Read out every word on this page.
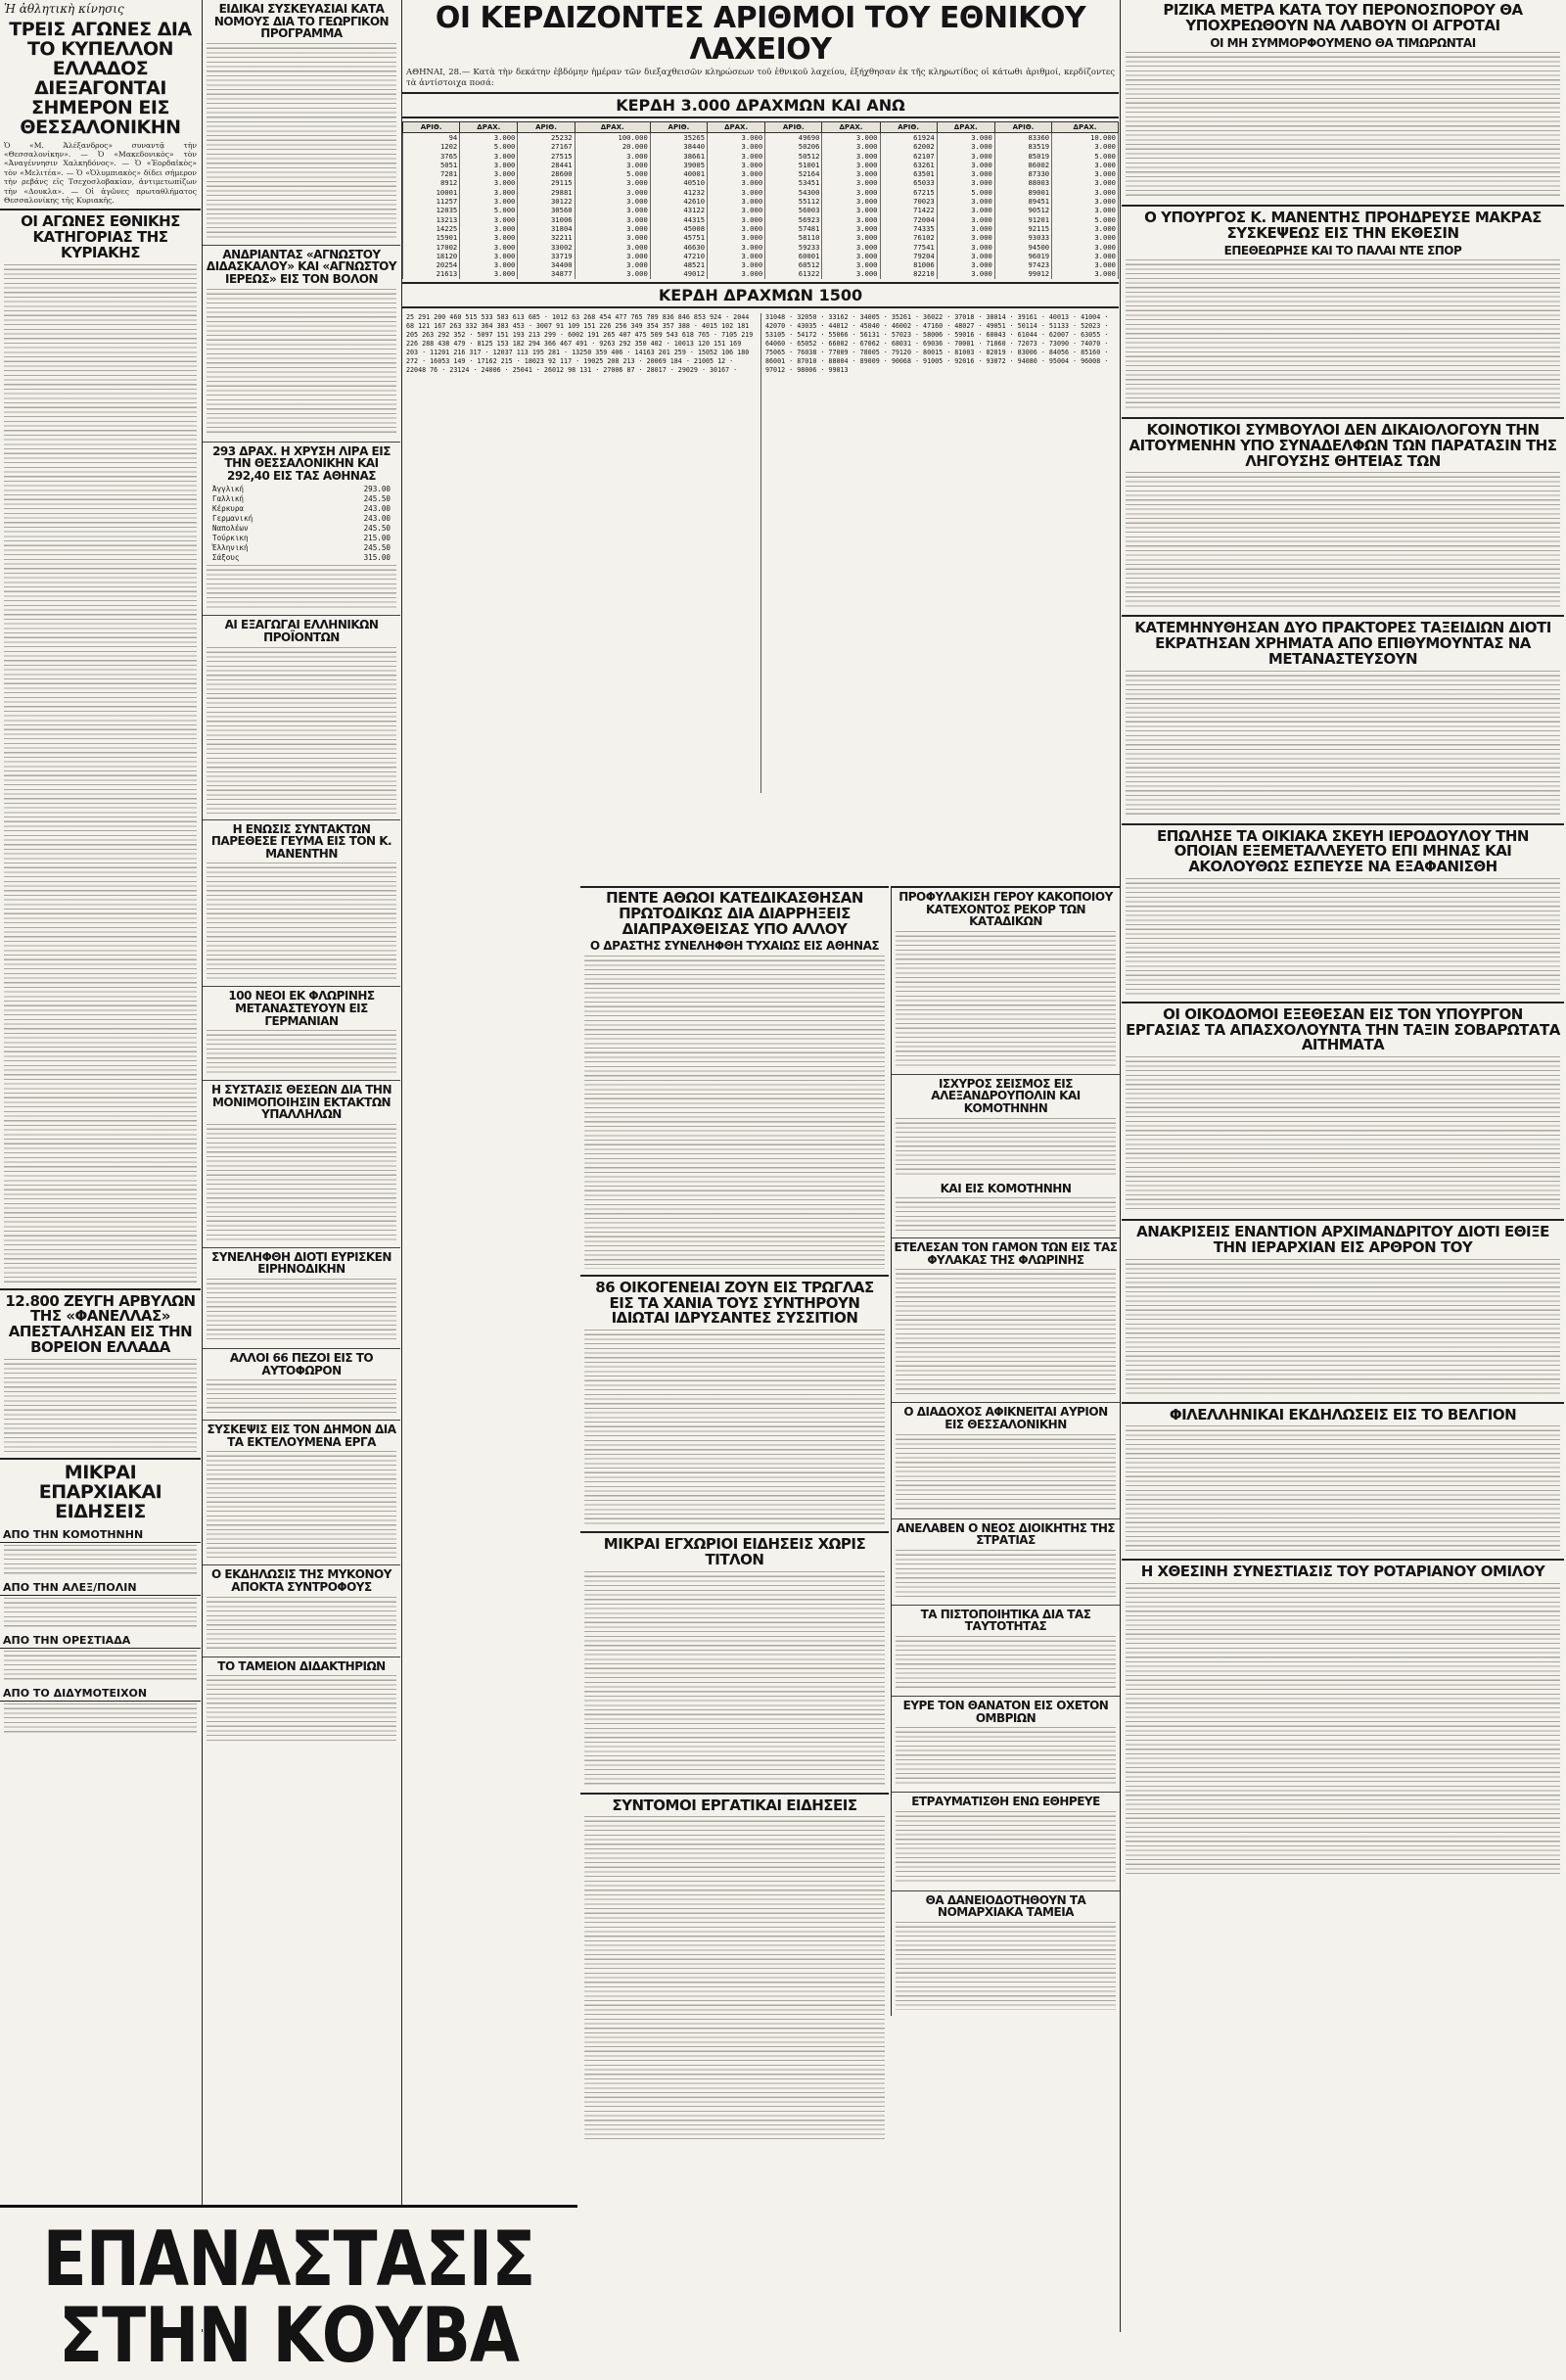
Ἡ ἀθλητικὴ κίνησις
ΤΡΕΙΣ ΑΓΩΝΕΣ ΔΙΑ ΤΟ ΚΥΠΕΛΛΟΝ ΕΛΛΑΔΟΣ ΔΙΕΞΑΓΟΝΤΑΙ ΣΗΜΕΡΟΝ ΕΙΣ ΘΕΣΣΑΛΟΝΙΚΗΝ

Ὁ «Μ. Ἀλέξανδρος» συναντᾷ τὴν «Θεσσαλονίκην». — Ὁ «Μακεδονικὸς» τὸν «Ἀναγέννησιν Χαλκηδόνος». — Ὁ «Ἐορδαϊκὸς» τὸν «Μελιτέα». — Ὁ «Ὀλυμπιακὸς» δίδει σήμερον τὴν ρεβάνς εἰς Τσεχοσλοβακίαν, ἀντιμετωπίζων τὴν «Δουκλα». — Οἱ ἀγῶνες πρωταθλήματος Θεσσαλονίκης τῆς Κυριακῆς.

ΟΙ ΑΓΩΝΕΣ ΕΘΝΙΚΗΣ ΚΑΤΗΓΟΡΙΑΣ ΤΗΣ ΚΥΡΙΑΚΗΣ
12.800 ΖΕΥΓΗ ΑΡΒΥΛΩΝ ΤΗΣ «ΦΑΝΕΛΛΑΣ» ΑΠΕΣΤΑΛΗΣΑΝ ΕΙΣ ΤΗΝ ΒΟΡΕΙΟΝ ΕΛΛΑΔΑ
ΜΙΚΡΑΙ ΕΠΑΡΧΙΑΚΑΙ ΕΙΔΗΣΕΙΣ
ΑΠΟ ΤΗΝ ΚΟΜΟΤΗΝΗΝ
ΑΠΟ ΤΗΝ ΑΛΕΞ/ΠΟΛΙΝ
ΑΠΟ ΤΗΝ ΟΡΕΣΤΙΑΔΑ
ΑΠΟ ΤΟ ΔΙΔΥΜΟΤΕΙΧΟΝ
ΕΙΔΙΚΑΙ ΣΥΣΚΕΥΑΣΙΑΙ ΚΑΤΑ ΝΟΜΟΥΣ ΔΙΑ ΤΟ ΓΕΩΡΓΙΚΟΝ ΠΡΟΓΡΑΜΜΑ
ΑΝΔΡΙΑΝΤΑΣ «ΑΓΝΩΣΤΟΥ ΔΙΔΑΣΚΑΛΟΥ» ΚΑΙ «ΑΓΝΩΣΤΟΥ ΙΕΡΕΩΣ» ΕΙΣ ΤΟΝ ΒΟΛΟΝ
293 ΔΡΑΧ. Η ΧΡΥΣΗ ΛΙΡΑ ΕΙΣ ΤΗΝ ΘΕΣΣΑΛΟΝΙΚΗΝ ΚΑΙ 292,40 ΕΙΣ ΤΑΣ ΑΘΗΝΑΣ
Ἀγγλική	293.00
Γαλλική	245.50
Κέρκυρα	243.00
Γερμανική	243.00
Ναπολέων	245.50
Τούρκικη	215.00
Ἑλληνική	245.50
Σάξους	315.00
ΑΙ ΕΞΑΓΩΓΑΙ ΕΛΛΗΝΙΚΩΝ ΠΡΟΪΟΝΤΩΝ
Η ΕΝΩΣΙΣ ΣΥΝΤΑΚΤΩΝ ΠΑΡΕΘΕΣΕ ΓΕΥΜΑ ΕΙΣ ΤΟΝ Κ. ΜΑΝΕΝΤΗΝ
100 ΝΕΟΙ ΕΚ ΦΛΩΡΙΝΗΣ ΜΕΤΑΝΑΣΤΕΥΟΥΝ ΕΙΣ ΓΕΡΜΑΝΙΑΝ
Η ΣΥΣΤΑΣΙΣ ΘΕΣΕΩΝ ΔΙΑ ΤΗΝ ΜΟΝΙΜΟΠΟΙΗΣΙΝ ΕΚΤΑΚΤΩΝ ΥΠΑΛΛΗΛΩΝ
ΣΥΝΕΛΗΦΘΗ ΔΙΟΤΙ ΕΥΡΙΣΚΕΝ ΕΙΡΗΝΟΔΙΚΗΝ
ΑΛΛΟΙ 66 ΠΕΖΟΙ ΕΙΣ ΤΟ ΑΥΤΟΦΩΡΟΝ
ΣΥΣΚΕΨΙΣ ΕΙΣ ΤΟΝ ΔΗΜΟΝ ΔΙΑ ΤΑ ΕΚΤΕΛΟΥΜΕΝΑ ΕΡΓΑ
Ο ΕΚΔΗΛΩΣΙΣ ΤΗΣ ΜΥΚΟΝΟΥ ΑΠΟΚΤΑ ΣΥΝΤΡΟΦΟΥΣ
ΤΟ ΤΑΜΕΙΟΝ ΔΙΔΑΚΤΗΡΙΩΝ
ΟΙ ΚΕΡΔΙΖΟΝΤΕΣ ΑΡΙΘΜΟΙ ΤΟΥ ΕΘΝΙΚΟΥ ΛΑΧΕΙΟΥ

ΑΘΗΝΑΙ, 28.— Κατὰ τὴν δεκάτην ἑβδόμην ἡμέραν τῶν διεξαχθεισῶν κληρώσεων τοῦ ἐθνικοῦ λαχείου, ἐξήχθησαν ἐκ τῆς κληρωτίδος οἱ κάτωθι ἀριθμοί, κερδίζοντες τὰ ἀντίστοιχα ποσά:

ΚΕΡΔΗ 3.000 ΔΡΑΧΜΩΝ ΚΑΙ ΑΝΩ
ΑΡΙΘ.	ΔΡΑΧ.	ΑΡΙΘ.	ΔΡΑΧ.	ΑΡΙΘ.	ΔΡΑΧ.	ΑΡΙΘ.	ΔΡΑΧ.	ΑΡΙΘ.	ΔΡΑΧ.	ΑΡΙΘ.	ΔΡΑΧ.
94	3.000	25232	100.000	35265	3.000	49690	3.000	61924	3.000	83360	10.000
1202	5.000	27167	20.000	38440	3.000	50206	3.000	62002	3.000	83519	3.000
3765	3.000	27515	3.000	38661	3.000	50512	3.000	62107	3.000	85019	5.000
5051	3.000	28441	3.000	39005	3.000	51001	3.000	63261	3.000	86002	3.000
7281	3.000	28600	5.000	40001	3.000	52164	3.000	63501	3.000	87330	3.000
8912	3.000	29115	3.000	40510	3.000	53451	3.000	65033	3.000	88003	3.000
10001	3.000	29881	3.000	41232	3.000	54300	3.000	67215	5.000	89001	3.000
11257	3.000	30122	3.000	42610	3.000	55112	3.000	70023	3.000	89451	3.000
12035	5.000	30560	3.000	43122	3.000	56003	3.000	71422	3.000	90512	3.000
13213	3.000	31006	3.000	44315	3.000	56923	3.000	72004	3.000	91201	5.000
14225	3.000	31804	3.000	45008	3.000	57481	3.000	74335	3.000	92115	3.000
15901	3.000	32211	3.000	45751	3.000	58110	3.000	76102	3.000	93033	3.000
17002	3.000	33002	3.000	46630	3.000	59233	3.000	77541	3.000	94500	3.000
18120	3.000	33719	3.000	47210	3.000	60001	3.000	79204	3.000	96019	3.000
20254	3.000	34400	3.000	48521	3.000	60512	3.000	81006	3.000	97423	3.000
21613	3.000	34877	3.000	49012	3.000	61322	3.000	82210	3.000	99012	3.000
ΚΕΡΔΗ ΔΡΑΧΜΩΝ 1500
25 291 200 460 515 533 583 613 685 · 1012 63 268 454 477 765 789 836 846 853 924 · 2044 68 121 167 263 332 364 383 453 · 3007 91 109 151 226 256 349 354 357 388 · 4015 102 181 205 263 292 352 · 5097 151 193 213 299 · 6002 191 265 407 475 509 543 618 765 · 7105 219 226 288 438 479 · 8125 153 182 294 366 467 491 · 9263 292 350 402 · 10013 120 151 169 203 · 11201 216 317 · 12037 113 195 281 · 13250 359 406 · 14163 201 259 · 15052 106 180 272 · 16053 149 · 17162 215 · 18023 92 117 · 19025 208 213 · 20069 184 · 21005 12 · 22048 76 · 23124 · 24006 · 25041 · 26012 98 131 · 27006 87 · 28017 · 29029 · 30167 · 31048 · 32050 · 33162 · 34005 · 35261 · 36022 · 37018 · 38014 · 39161 · 40013 · 41004 · 42070 · 43035 · 44012 · 45040 · 46002 · 47160 · 48027 · 49051 · 50114 · 51133 · 52023 · 53105 · 54172 · 55066 · 56131 · 57023 · 58006 · 59016 · 60043 · 61044 · 62007 · 63055 · 64060 · 65052 · 66002 · 67062 · 68031 · 69036 · 70001 · 71060 · 72073 · 73090 · 74070 · 75065 · 76038 · 77009 · 78005 · 79120 · 80015 · 81003 · 82019 · 83006 · 84056 · 85160 · 86001 · 87010 · 88004 · 89009 · 90068 · 91005 · 92016 · 93072 · 94080 · 95004 · 96008 · 97012 · 98006 · 99013
ΠΕΝΤΕ ΑΘΩΟΙ ΚΑΤΕΔΙΚΑΣΘΗΣΑΝ ΠΡΩΤΟΔΙΚΩΣ ΔΙΑ ΔΙΑΡΡΗΞΕΙΣ ΔΙΑΠΡΑΧΘΕΙΣΑΣ ΥΠΟ ΑΛΛΟΥ
Ο ΔΡΑΣΤΗΣ ΣΥΝΕΛΗΦΘΗ ΤΥΧΑΙΩΣ ΕΙΣ ΑΘΗΝΑΣ
86 ΟΙΚΟΓΕΝΕΙΑΙ ΖΟΥΝ ΕΙΣ ΤΡΩΓΛΑΣ ΕΙΣ ΤΑ ΧΑΝΙΑ ΤΟΥΣ ΣΥΝΤΗΡΟΥΝ ΙΔΙΩΤΑΙ ΙΔΡΥΣΑΝΤΕΣ ΣΥΣΣΙΤΙΟΝ
ΜΙΚΡΑΙ ΕΓΧΩΡΙΟΙ ΕΙΔΗΣΕΙΣ ΧΩΡΙΣ ΤΙΤΛΟΝ
ΣΥΝΤΟΜΟΙ ΕΡΓΑΤΙΚΑΙ ΕΙΔΗΣΕΙΣ
ΠΡΟΦΥΛΑΚΙΣΗ ΓΕΡΟΥ ΚΑΚΟΠΟΙΟΥ ΚΑΤΕΧΟΝΤΟΣ ΡΕΚΟΡ ΤΩΝ ΚΑΤΑΔΙΚΩΝ
ΙΣΧΥΡΟΣ ΣΕΙΣΜΟΣ ΕΙΣ ΑΛΕΞΑΝΔΡΟΥΠΟΛΙΝ ΚΑΙ ΚΟΜΟΤΗΝΗΝ
ΚΑΙ ΕΙΣ ΚΟΜΟΤΗΝΗΝ
ΕΤΕΛΕΣΑΝ ΤΟΝ ΓΑΜΟΝ ΤΩΝ ΕΙΣ ΤΑΣ ΦΥΛΑΚΑΣ ΤΗΣ ΦΛΩΡΙΝΗΣ
Ο ΔΙΑΔΟΧΟΣ ΑΦΙΚΝΕΙΤΑΙ ΑΥΡΙΟΝ ΕΙΣ ΘΕΣΣΑΛΟΝΙΚΗΝ
ΑΝΕΛΑΒΕΝ Ο ΝΕΟΣ ΔΙΟΙΚΗΤΗΣ ΤΗΣ ΣΤΡΑΤΙΑΣ
ΤΑ ΠΙΣΤΟΠΟΙΗΤΙΚΑ ΔΙΑ ΤΑΣ ΤΑΥΤΟΤΗΤΑΣ
ΕΥΡΕ ΤΟΝ ΘΑΝΑΤΟΝ ΕΙΣ ΟΧΕΤΟΝ ΟΜΒΡΙΩΝ
ΕΤΡΑΥΜΑΤΙΣΘΗ ΕΝΩ ΕΘΗΡΕΥΕ
ΘΑ ΔΑΝΕΙΟΔΟΤΗΘΟΥΝ ΤΑ ΝΟΜΑΡΧΙΑΚΑ ΤΑΜΕΙΑ
ΡΙΖΙΚΑ ΜΕΤΡΑ ΚΑΤΑ ΤΟΥ ΠΕΡΟΝΟΣΠΟΡΟΥ ΘΑ ΥΠΟΧΡΕΩΘΟΥΝ ΝΑ ΛΑΒΟΥΝ ΟΙ ΑΓΡΟΤΑΙ
ΟΙ ΜΗ ΣΥΜΜΟΡΦΟΥΜΕΝΟ ΘΑ ΤΙΜΩΡΩΝΤΑΙ
Ο ΥΠΟΥΡΓΟΣ Κ. ΜΑΝΕΝΤΗΣ ΠΡΟΗΔΡΕΥΣΕ ΜΑΚΡΑΣ ΣΥΣΚΕΨΕΩΣ ΕΙΣ ΤΗΝ ΕΚΘΕΣΙΝ
ΕΠΕΘΕΩΡΗΣΕ ΚΑΙ ΤΟ ΠΑΛΑΙ ΝΤΕ ΣΠΟΡ
ΚΟΙΝΟΤΙΚΟΙ ΣΥΜΒΟΥΛΟΙ ΔΕΝ ΔΙΚΑΙΟΛΟΓΟΥΝ ΤΗΝ ΑΙΤΟΥΜΕΝΗΝ ΥΠΟ ΣΥΝΑΔΕΛΦΩΝ ΤΩΝ ΠΑΡΑΤΑΣΙΝ ΤΗΣ ΛΗΓΟΥΣΗΣ ΘΗΤΕΙΑΣ ΤΩΝ
ΚΑΤΕΜΗΝΥΘΗΣΑΝ ΔΥΟ ΠΡΑΚΤΟΡΕΣ ΤΑΞΕΙΔΙΩΝ ΔΙΟΤΙ ΕΚΡΑΤΗΣΑΝ ΧΡΗΜΑΤΑ ΑΠΟ ΕΠΙΘΥΜΟΥΝΤΑΣ ΝΑ ΜΕΤΑΝΑΣΤΕΥΣΟΥΝ
ΕΠΩΛΗΣΕ ΤΑ ΟΙΚΙΑΚΑ ΣΚΕΥΗ ΙΕΡΟΔΟΥΛΟΥ ΤΗΝ ΟΠΟΙΑΝ ΕΞΕΜΕΤΑΛΛΕΥΕΤΟ ΕΠΙ ΜΗΝΑΣ ΚΑΙ ΑΚΟΛΟΥΘΩΣ ΕΣΠΕΥΣΕ ΝΑ ΕΞΑΦΑΝΙΣΘΗ
ΟΙ ΟΙΚΟΔΟΜΟΙ ΕΞΕΘΕΣΑΝ ΕΙΣ ΤΟΝ ΥΠΟΥΡΓΟΝ ΕΡΓΑΣΙΑΣ ΤΑ ΑΠΑΣΧΟΛΟΥΝΤΑ ΤΗΝ ΤΑΞΙΝ ΣΟΒΑΡΩΤΑΤΑ ΑΙΤΗΜΑΤΑ
ΑΝΑΚΡΙΣΕΙΣ ΕΝΑΝΤΙΟΝ ΑΡΧΙΜΑΝΔΡΙΤΟΥ ΔΙΟΤΙ ΕΘΙΞΕ ΤΗΝ ΙΕΡΑΡΧΙΑΝ ΕΙΣ ΑΡΘΡΟΝ ΤΟΥ
ΦΙΛΕΛΛΗΝΙΚΑΙ ΕΚΔΗΛΩΣΕΙΣ ΕΙΣ ΤΟ ΒΕΛΓΙΟΝ
Η ΧΘΕΣΙΝΗ ΣΥΝΕΣΤΙΑΣΙΣ ΤΟΥ ΡΟΤΑΡΙΑΝΟΥ ΟΜΙΛΟΥ
ΕΠΑΝΑΣΤΑΣΙΣ ΣΤΗΝ ΚΟΥΒΑ
